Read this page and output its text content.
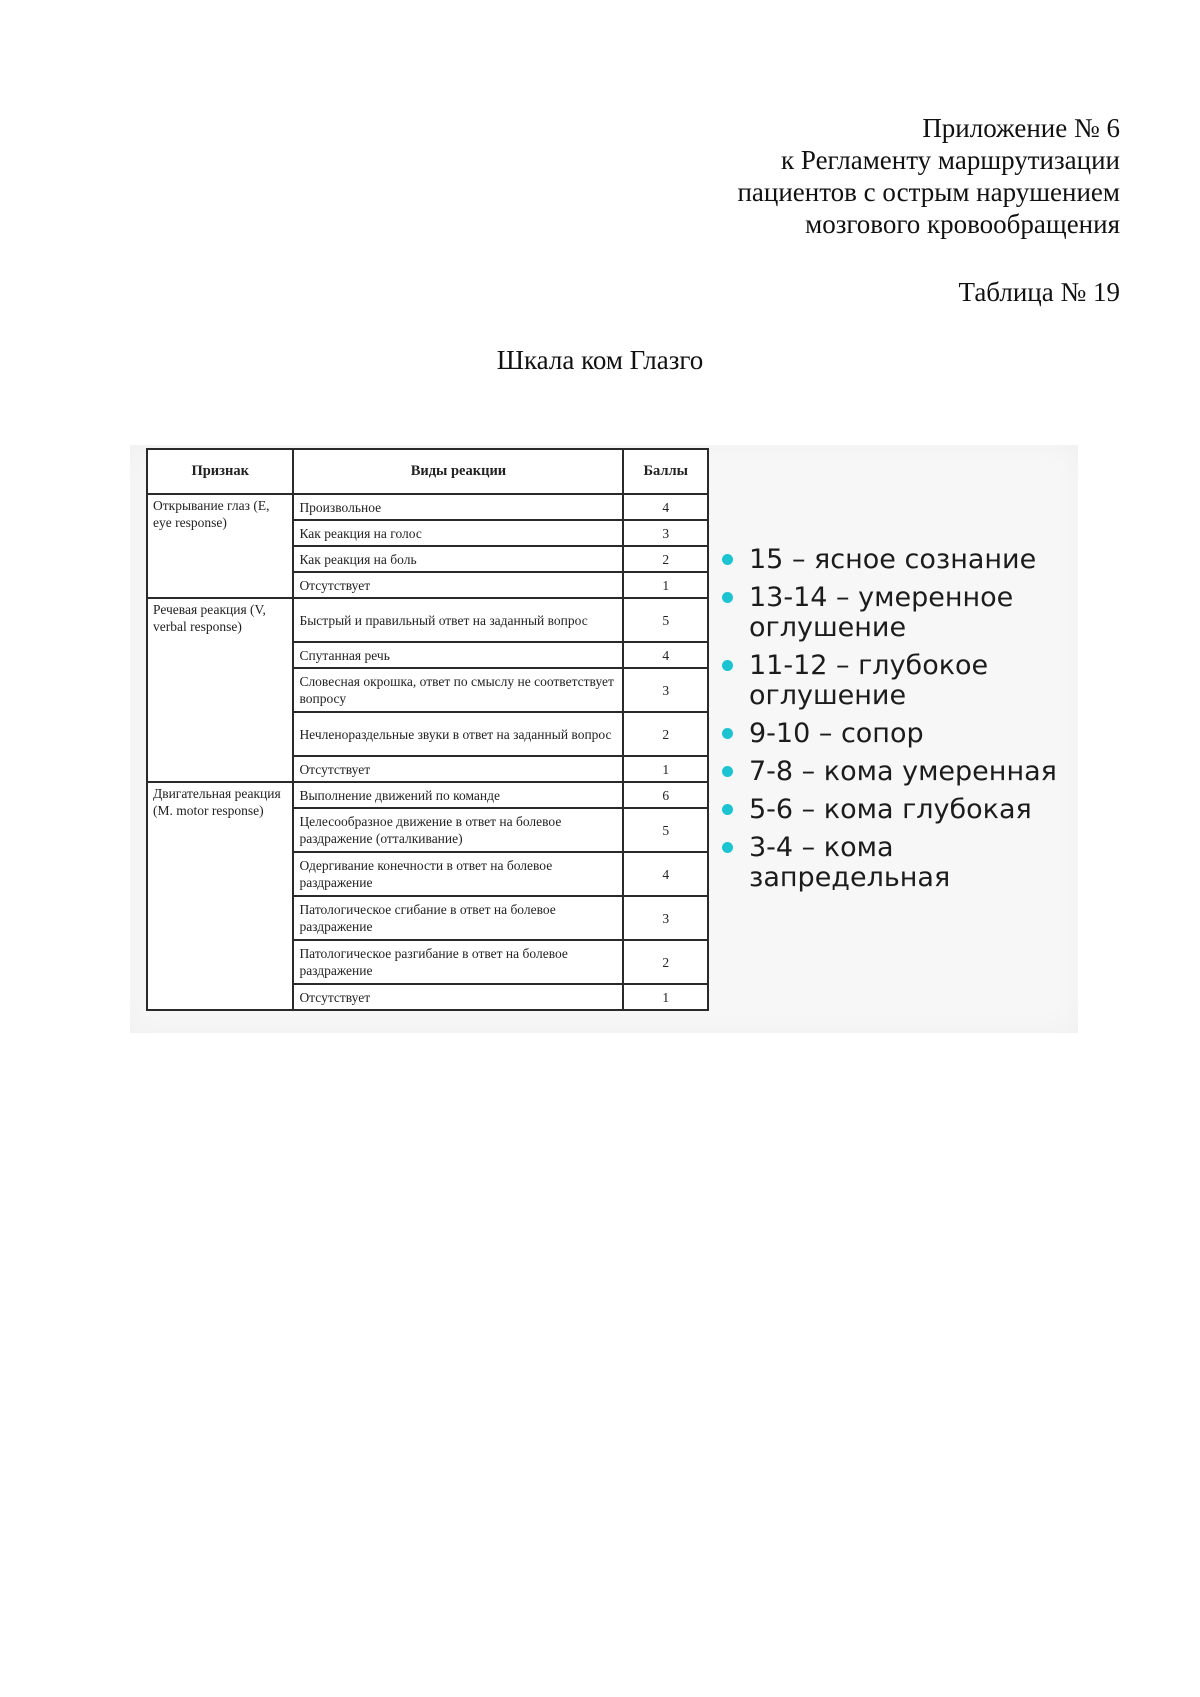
Приложение № 6
к Регламенту маршрутизации
пациентов с острым нарушением
мозгового кровообращения
Таблица № 19
Шкала ком Глазго
Признак	Виды реакции	Баллы
Открывание глаз (E, eye response)	Произвольное	4
	Как реакция на голос	3
	Как реакция на боль	2
	Отсутствует	1
Речевая реакция (V, verbal response)	Быстрый и правильный ответ на заданный вопрос	5
	Спутанная речь	4
	Словесная окрошка, ответ по смыслу не соответствует вопросу	3
	Нечленораздельные звуки в ответ на заданный вопрос	2
	Отсутствует	1
Двигательная реакция (M. motor response)	Выполнение движений по команде	6
	Целесообразное движение в ответ на болевое раздражение (отталкивание)	5
	Одергивание конечности в ответ на болевое раздражение	4
	Патологическое сгибание в ответ на болевое раздражение	3
	Патологическое разгибание в ответ на болевое раздражение	2
	Отсутствует	1
15 – ясное сознание
13-14 – умеренное оглушение
11-12 – глубокое оглушение
9-10 – сопор
7-8 – кома умеренная
5-6 – кома глубокая
3-4 – кома запредельная
